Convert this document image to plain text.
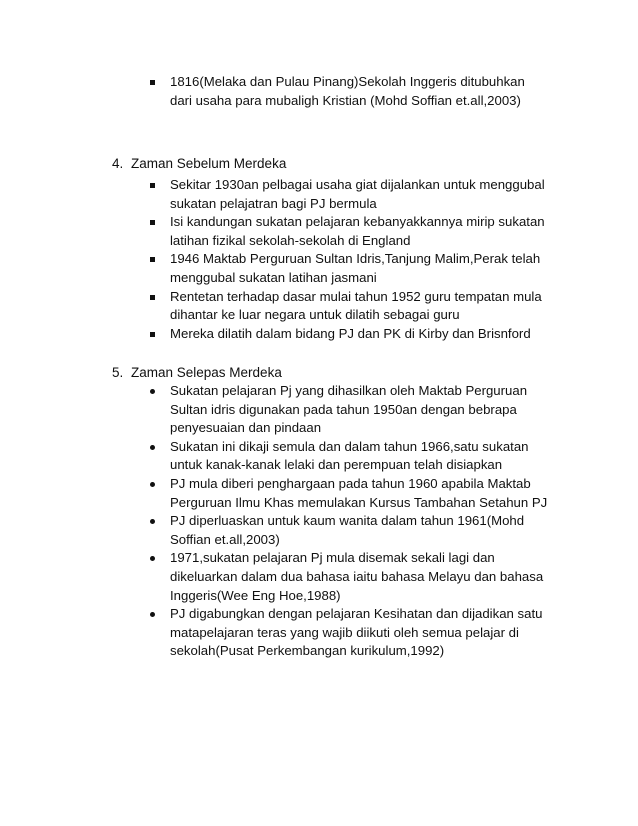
1816(Melaka dan Pulau Pinang)Sekolah Inggeris ditubuhkan dari usaha para mubaligh Kristian (Mohd Soffian et.all,2003)
4. Zaman Sebelum Merdeka
Sekitar 1930an pelbagai usaha giat dijalankan untuk menggubal sukatan pelajatran bagi PJ bermula
Isi kandungan sukatan pelajaran kebanyakkannya mirip sukatan latihan fizikal sekolah-sekolah di England
1946 Maktab Perguruan Sultan Idris,Tanjung Malim,Perak telah menggubal sukatan latihan jasmani
Rentetan terhadap dasar mulai tahun 1952 guru tempatan mula dihantar ke luar negara untuk dilatih sebagai guru
Mereka dilatih dalam bidang PJ dan PK di Kirby dan Brisnford
5. Zaman Selepas Merdeka
Sukatan pelajaran Pj yang dihasilkan oleh Maktab Perguruan Sultan idris digunakan pada tahun 1950an dengan bebrapa penyesuaian dan pindaan
Sukatan ini dikaji semula dan dalam tahun 1966,satu sukatan untuk kanak-kanak lelaki dan perempuan telah disiapkan
PJ mula diberi penghargaan pada tahun 1960 apabila Maktab Perguruan Ilmu Khas memulakan Kursus Tambahan Setahun PJ
PJ diperluaskan untuk kaum wanita dalam tahun 1961(Mohd Soffian et.all,2003)
1971,sukatan pelajaran Pj mula disemak sekali lagi dan dikeluarkan dalam dua bahasa iaitu bahasa Melayu dan bahasa Inggeris(Wee Eng Hoe,1988)
PJ digabungkan dengan pelajaran Kesihatan dan dijadikan satu matapelajaran teras yang wajib diikuti oleh semua pelajar di sekolah(Pusat Perkembangan kurikulum,1992)
